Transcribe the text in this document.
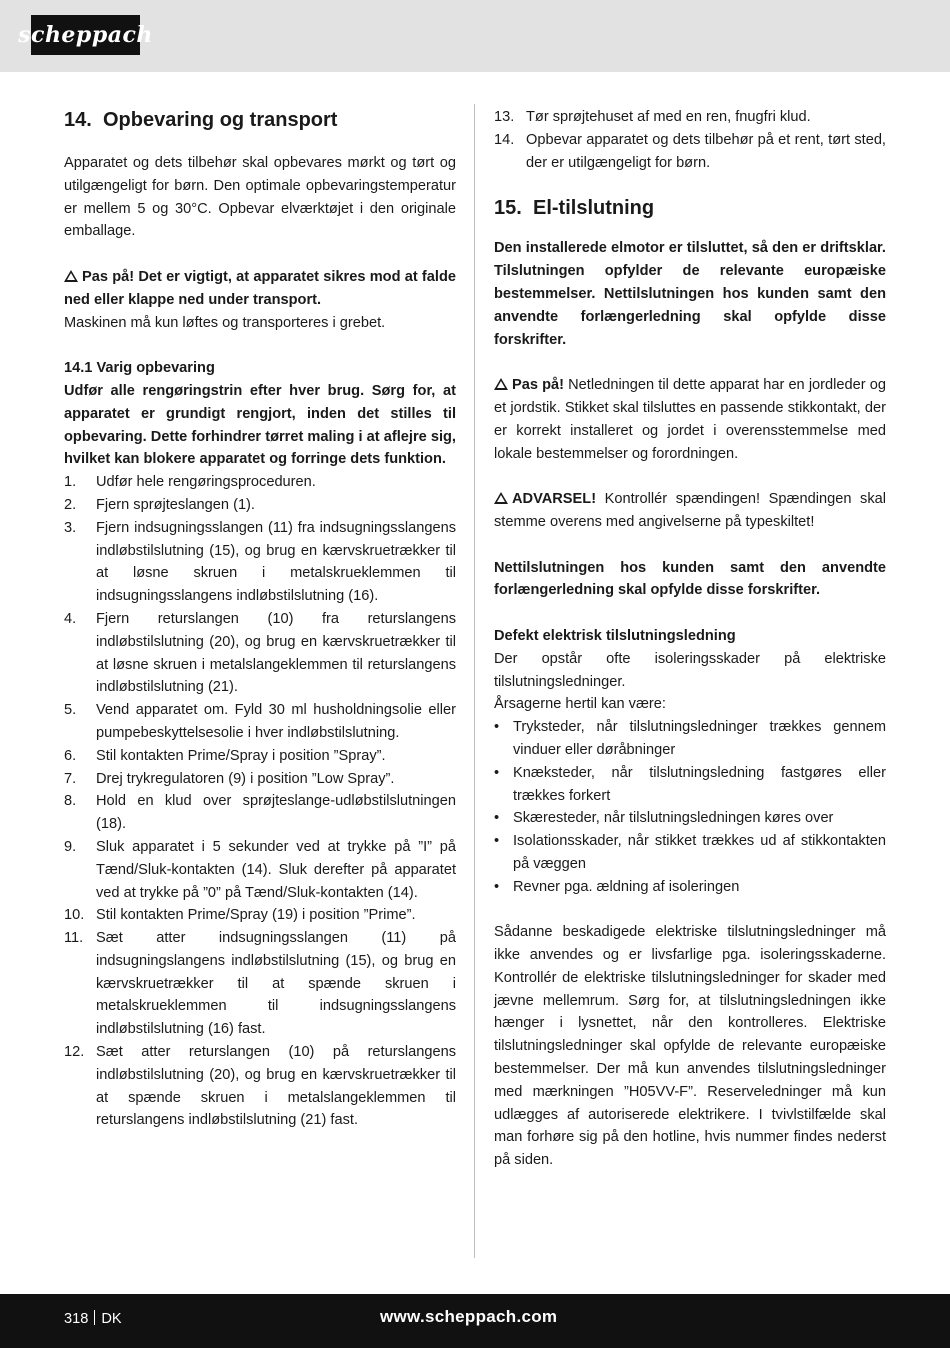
scheppach
14. Opbevaring og transport

Apparatet og dets tilbehør skal opbevares mørkt og tørt og utilgængeligt for børn. Den optimale opbevaringstemperatur er mellem 5 og 30°C. Opbevar elværktøjet i den originale emballage.

Pas på! Det er vigtigt, at apparatet sikres mod at falde ned eller klappe ned under transport.

Maskinen må kun løftes og transporteres i grebet.

14.1 Varig opbevaring

Udfør alle rengøringstrin efter hver brug. Sørg for, at apparatet er grundigt rengjort, inden det stilles til opbevaring. Dette forhindrer tørret maling i at aflejre sig, hvilket kan blokere apparatet og forringe dets funktion.

1. Udfør hele rengøringsproceduren.
2. Fjern sprøjteslangen (1).
3. Fjern indsugningsslangen (11) fra indsugningsslangens indløbstilslutning (15), og brug en kærvskruetrækker til at løsne skruen i metalskrueklemmen til indsugningsslangens indløbstilslutning (16).
4. Fjern returslangen (10) fra returslangens indløbstilslutning (20), og brug en kærvskruetrækker til at løsne skruen i metalslangeklemmen til returslangens indløbstilslutning (21).
5. Vend apparatet om. Fyld 30 ml husholdningsolie eller pumpebeskyttelsesolie i hver indløbstilslutning.
6. Stil kontakten Prime/Spray i position ”Spray”.
7. Drej trykregulatoren (9) i position ”Low Spray”.
8. Hold en klud over sprøjteslange-udløbstilslutningen (18).
9. Sluk apparatet i 5 sekunder ved at trykke på ”I” på Tænd/Sluk-kontakten (14). Sluk derefter på apparatet ved at trykke på ”0” på Tænd/Sluk-kontakten (14).
10. Stil kontakten Prime/Spray (19) i position ”Prime”.
11. Sæt atter indsugningsslangen (11) på indsugningslangens indløbstilslutning (15), og brug en kærvskruetrækker til at spænde skruen i metalskrueklemmen til indsugningsslangens indløbstilslutning (16) fast.
12. Sæt atter returslangen (10) på returslangens indløbstilslutning (20), og brug en kærvskruetrækker til at spænde skruen i metalslangeklemmen til returslangens indløbstilslutning (21) fast.
13. Tør sprøjtehuset af med en ren, fnugfri klud.
14. Opbevar apparatet og dets tilbehør på et rent, tørt sted, der er utilgængeligt for børn.
15. El-tilslutning

Den installerede elmotor er tilsluttet, så den er driftsklar. Tilslutningen opfylder de relevante europæiske bestemmelser. Nettilslutningen hos kunden samt den anvendte forlængerledning skal opfylde disse forskrifter.

Pas på! Netledningen til dette apparat har en jordleder og et jordstik. Stikket skal tilsluttes en passende stikkontakt, der er korrekt installeret og jordet i overensstemmelse med lokale bestemmelser og forordningen.

ADVARSEL! Kontrollér spændingen! Spændingen skal stemme overens med angivelserne på typeskiltet!

Nettilslutningen hos kunden samt den anvendte forlængerledning skal opfylde disse forskrifter.

Defekt elektrisk tilslutningsledning

Der opstår ofte isoleringsskader på elektriske tilslutningsledninger.

Årsagerne hertil kan være:

• Tryksteder, når tilslutningsledninger trækkes gennem vinduer eller døråbninger
• Knæksteder, når tilslutningsledning fastgøres eller trækkes forkert
• Skæresteder, når tilslutningsledningen køres over
• Isolationsskader, når stikket trækkes ud af stikkontakten på væggen
• Revner pga. ældning af isoleringen

Sådanne beskadigede elektriske tilslutningsledninger må ikke anvendes og er livsfarlige pga. isoleringsskaderne. Kontrollér de elektriske tilslutningsledninger for skader med jævne mellemrum. Sørg for, at tilslutningsledningen ikke hænger i lysnettet, når den kontrolleres. Elektriske tilslutningsledninger skal opfylde de relevante europæiske bestemmelser. Der må kun anvendes tilslutningsledninger med mærkningen ”H05VV-F”. Reserveledninger må kun udlægges af autoriserede elektrikere. I tvivlstilfælde skal man forhøre sig på den hotline, hvis nummer findes nederst på siden.

318 DK	www.scheppach.com
